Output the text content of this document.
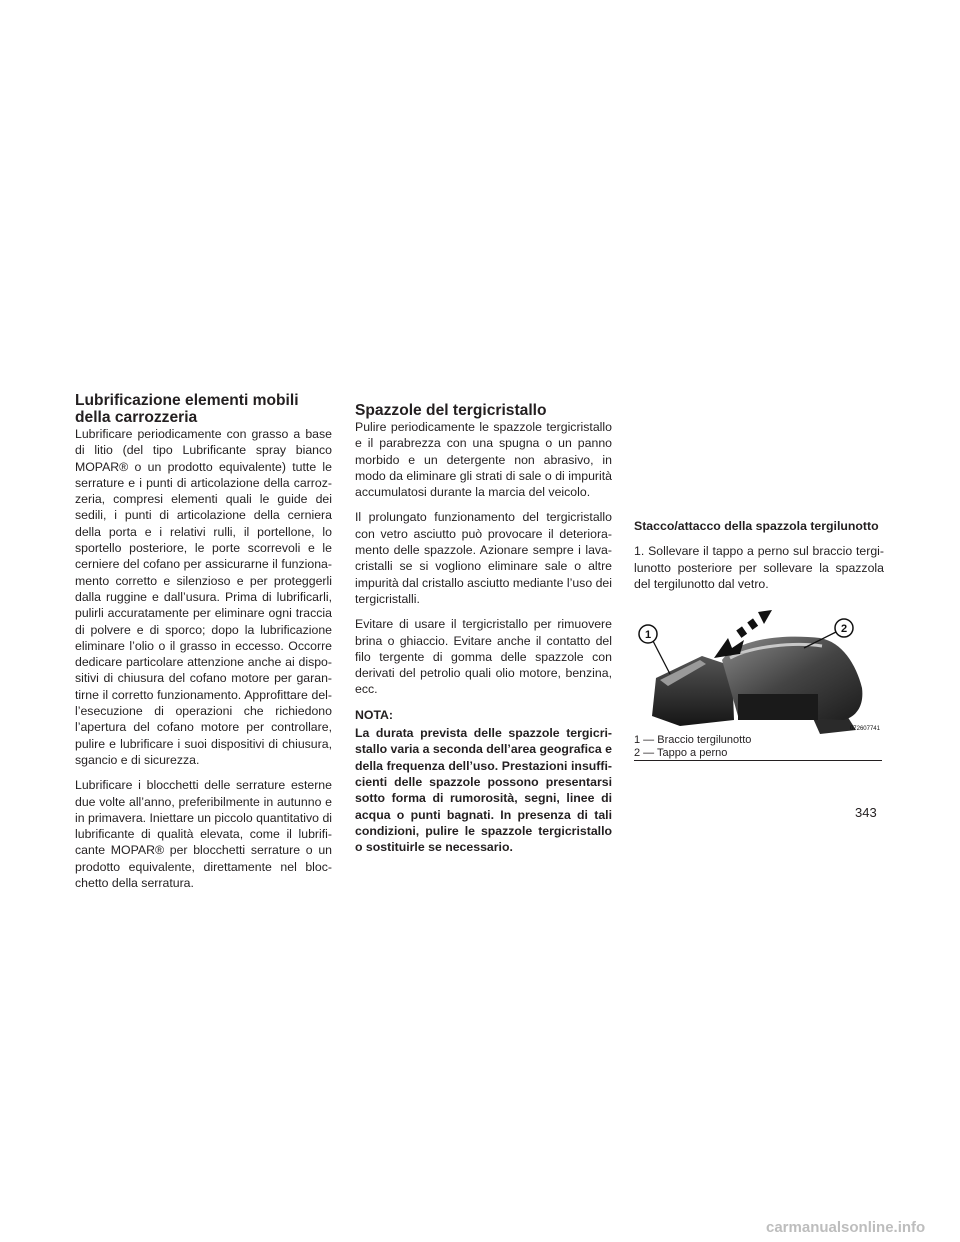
Lubrificazione elementi mobili della carrozzeria

Lubrificare periodicamente con grasso a base di litio (del tipo Lubrificante spray bianco MOPAR® o un prodotto equivalente) tutte le serrature e i punti di articolazione della carroz-zeria, compresi elementi quali le guide dei sedili, i punti di articolazione della cerniera della porta e i relativi rulli, il portellone, lo sportello posteriore, le porte scorrevoli e le cerniere del cofano per assicurarne il funziona-mento corretto e silenzioso e per proteggerli dalla ruggine e dall’usura. Prima di lubrificarli, pulirli accuratamente per eliminare ogni traccia di polvere e di sporco; dopo la lubrificazione eliminare l’olio o il grasso in eccesso. Occorre dedicare particolare attenzione anche ai dispo-sitivi di chiusura del cofano motore per garan-tirne il corretto funzionamento. Approfittare del-l’esecuzione di operazioni che richiedono l’apertura del cofano motore per controllare, pulire e lubrificare i suoi dispositivi di chiusura, sgancio e di sicurezza.

Lubrificare i blocchetti delle serrature esterne due volte all’anno, preferibilmente in autunno e in primavera. Iniettare un piccolo quantitativo di lubrificante di qualità elevata, come il lubrifi-cante MOPAR® per blocchetti serrature o un prodotto equivalente, direttamente nel bloc-chetto della serratura.

Spazzole del tergicristallo

Pulire periodicamente le spazzole tergicristallo e il parabrezza con una spugna o un panno morbido e un detergente non abrasivo, in modo da eliminare gli strati di sale o di impurità accumulatosi durante la marcia del veicolo.

Il prolungato funzionamento del tergicristallo con vetro asciutto può provocare il deteriora-mento delle spazzole. Azionare sempre i lava-cristalli se si vogliono eliminare sale o altre impurità dal cristallo asciutto mediante l’uso dei tergicristalli.

Evitare di usare il tergicristallo per rimuovere brina o ghiaccio. Evitare anche il contatto del filo tergente di gomma delle spazzole con derivati del petrolio quali olio motore, benzina, ecc.

NOTA:

La durata prevista delle spazzole tergicri-stallo varia a seconda dell’area geografica e della frequenza dell’uso. Prestazioni insuffi-cienti delle spazzole possono presentarsi sotto forma di rumorosità, segni, linee di acqua o punti bagnati. In presenza di tali condizioni, pulire le spazzole tergicristallo o sostituirle se necessario.

Stacco/attacco della spazzola tergilunotto

1. Sollevare il tappo a perno sul braccio tergi-lunotto posteriore per sollevare la spazzola del tergilunotto dal vetro.

1	2
072607741
1 — Braccio tergilunotto
2 — Tappo a perno
343
carmanualsonline.info
